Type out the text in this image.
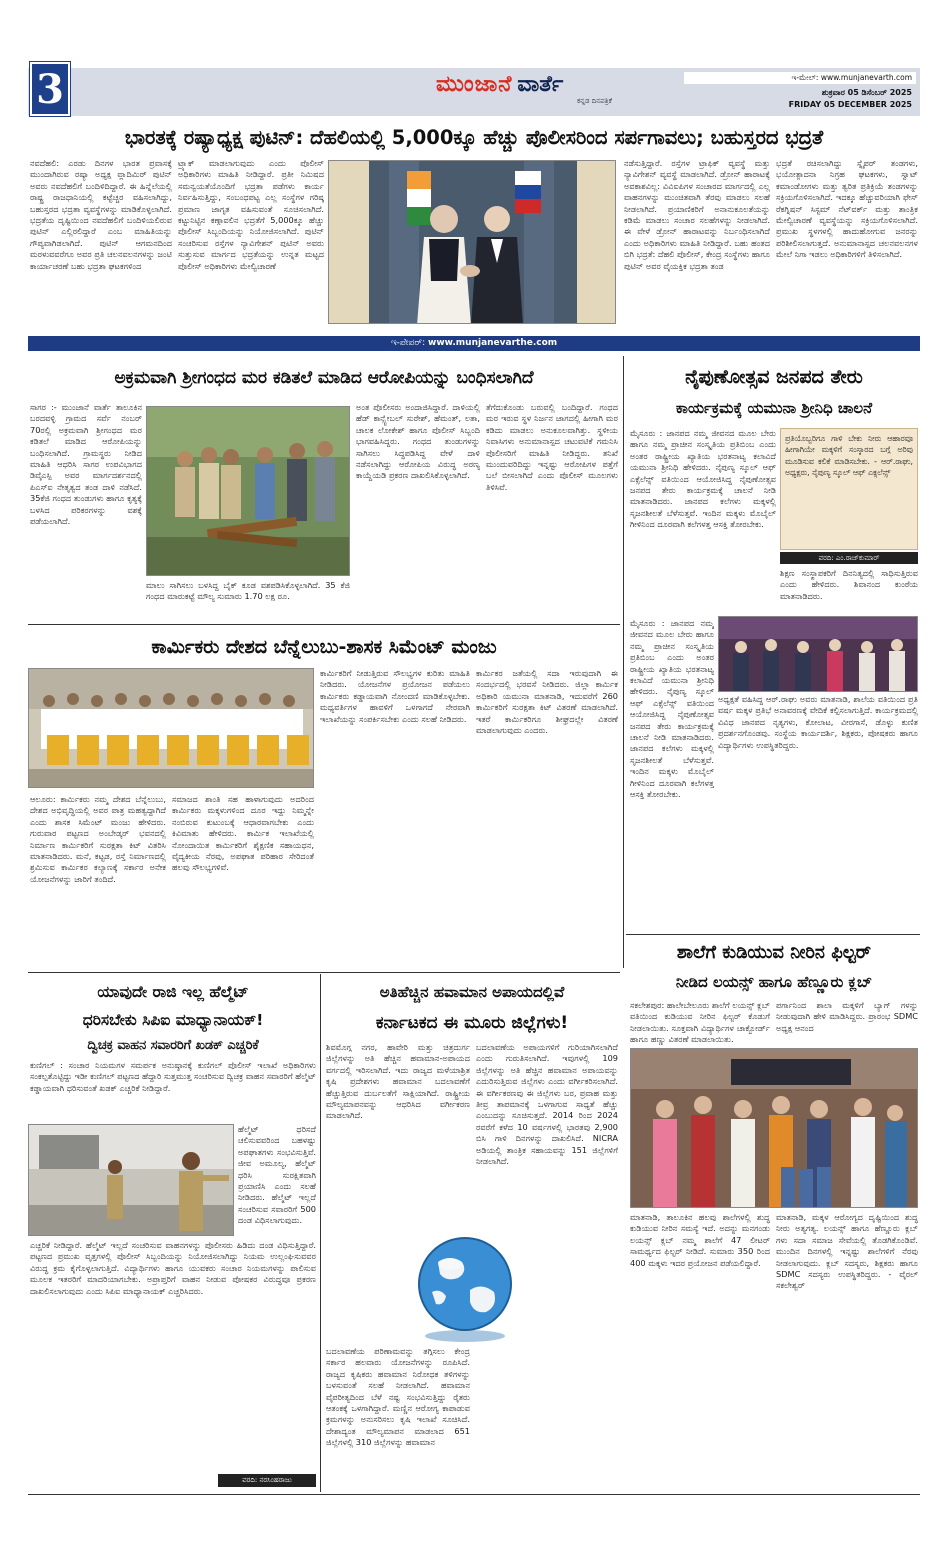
3	ಮುಂಜಾನೆ ವಾರ್ತೆ
ಕನ್ನಡ ದಿನಪತ್ರಿಕೆ
ಇ-ಮೇಲ್: www.munjanevarth.com
ಶುಕ್ರವಾರ 05 ಡಿಸೆಂಬರ್ 2025
FRIDAY 05 DECEMBER 2025
ಭಾರತಕ್ಕೆ ರಷ್ಯಾಧ್ಯಕ್ಷ ಪುಟಿನ್: ದೆಹಲಿಯಲ್ಲಿ 5,000ಕ್ಕೂ ಹೆಚ್ಚು ಪೊಲೀಸರಿಂದ ಸರ್ಪಗಾವಲು; ಬಹುಸ್ತರದ ಭದ್ರತೆ
ನವದೆಹಲಿ: ಎರಡು ದಿನಗಳ ಭಾರತ ಪ್ರವಾಸಕ್ಕೆ ಮುಂದಾಗಿರುವ ರಷ್ಯಾ ಅಧ್ಯಕ್ಷ ವ್ಲಾದಿಮಿರ್ ಪುಟಿನ್ ಅವರು ನವದೆಹಲಿಗೆ ಬಂದಿಳಿದಿದ್ದಾರೆ. ಈ ಹಿನ್ನೆಲೆಯಲ್ಲಿ ರಾಷ್ಟ್ರ ರಾಜಧಾನಿಯಲ್ಲಿ ಕಟ್ಟೆಚ್ಚರ ವಹಿಸಲಾಗಿದ್ದು, ಬಹುಸ್ತರದ ಭದ್ರತಾ ವ್ಯವಸ್ಥೆಗಳನ್ನು ಮಾಡಿಕೊಳ್ಳಲಾಗಿದೆ. ಭದ್ರತೆಯ ದೃಷ್ಟಿಯಿಂದ ನವದೆಹಲಿಗೆ ಬಂದಿಳಿಯಲಿರುವ ಪುಟಿನ್ ಎಲ್ಲಿರಲಿದ್ದಾರೆ ಎಂಬ ಮಾಹಿತಿಯನ್ನು ಗೌಪ್ಯವಾಗಿಡಲಾಗಿದೆ. ಪುಟಿನ್ ಆಗಮನದಿಂದ ಮರಳುವವರೆಗೂ ಅವರ ಪ್ರತಿ ಚಲನವಲನಗಳನ್ನು ಜಂಟಿ ಕಾರ್ಯಾಚರಣೆ ಬಹು ಭದ್ರತಾ ಘಟಕಗಳಿಂದ
ಟ್ರ್ಯಾಕ್ ಮಾಡಲಾಗುವುದು ಎಂದು ಪೊಲೀಸ್ ಅಧಿಕಾರಿಗಳು ಮಾಹಿತಿ ನೀಡಿದ್ದಾರೆ. ಪ್ರತೀ ನಿಮಿಷದ ಸಮನ್ವಯತೆಯೊಂದಿಗೆ ಭದ್ರತಾ ಪಡೆಗಳು ಕಾರ್ಯ ನಿರ್ವಹಿಸುತ್ತಿದ್ದು, ಸಂಬಂಧಪಟ್ಟ ಎಲ್ಲ ಸಂಸ್ಥೆಗಳ ಗರಿಷ್ಠ ಪ್ರಮಾಣ ಜಾಗೃತ ವಹಿಸುವಂತೆ ಸೂಚಿಸಲಾಗಿದೆ. ಕಟ್ಟುನಿಟ್ಟಿನ ಕಣ್ಗಾವಲಿನ ಭದ್ರತೆಗೆ 5,000ಕ್ಕೂ ಹೆಚ್ಚು ಪೊಲೀಸ್ ಸಿಬ್ಬಂದಿಯನ್ನು ನಿಯೋಜಿಸಲಾಗಿದೆ. ಪುಟಿನ್ ಸಂಚರಿಸುವ ರಸ್ತೆಗಳ ನ್ಯಾವಿಗೇಶನ್ ಪುಟಿನ್ ಅವರು ಸುತ್ತುಸುವ ಮಾರ್ಗದ ಭದ್ರತೆಯನ್ನು ಉನ್ನತ ಮಟ್ಟದ ಪೊಲೀಸ್ ಅಧಿಕಾರಿಗಳು ಮೇಲ್ವಿಚಾರಣೆ
ನಡೆಸುತ್ತಿದ್ದಾರೆ. ರಸ್ತೆಗಳ ಟ್ರಾಫಿಕ್ ವ್ಯವಸ್ಥೆ ಮತ್ತು ನ್ಯಾವಿಗೇಶನ್ ವ್ಯವಸ್ಥೆ ಮಾಡಲಾಗಿದೆ. ಡ್ರೋನ್ ಹಾರಾಟಕ್ಕೆ ಅವಕಾಶವಿಲ್ಲ: ವಿವಿಐಪಿಗಳ ಸಂಚಾರದ ಮಾರ್ಗದಲ್ಲಿ ಎಲ್ಲ ವಾಹನಗಳನ್ನು ಮುಂಚಿತವಾಗಿ ತೆರವು ಮಾಡಲು ಸಲಹೆ ನೀಡಲಾಗಿದೆ. ಪ್ರಯಾಣಿಕರಿಗೆ ಅನಾನುಕೂಲತೆಯನ್ನು ಕಡಿಮೆ ಮಾಡಲು ಸಂಚಾರ ಸಲಹೆಗಳನ್ನು ನೀಡಲಾಗಿದೆ. ಈ ವೇಳೆ ಡ್ರೋನ್ ಹಾರಾಟವನ್ನು ನಿರ್ಬಂಧಿಸಲಾಗಿದೆ ಎಂದು ಅಧಿಕಾರಿಗಳು ಮಾಹಿತಿ ನೀಡಿದ್ದಾರೆ. ಬಹು ಹಂತದ ಬಿಗಿ ಭದ್ರತೆ: ದೆಹಲಿ ಪೊಲೀಸ್, ಕೇಂದ್ರ ಸಂಸ್ಥೆಗಳು ಹಾಗೂ ಪುಟಿನ್ ಅವರ ವೈಯಕ್ತಿಕ ಭದ್ರತಾ ತಂಡ
ಭದ್ರತೆ ರಚಿಸಲಾಗಿದ್ದು ಸ್ನೈಪರ್ ತಂಡಗಳು, ಭಯೋತ್ಪಾದನಾ ನಿಗ್ರಹ ಘಟಕಗಳು, ಸ್ವಾಟ್ ಕಮಾಂಡೋಗಳು ಮತ್ತು ತ್ವರಿತ ಪ್ರತಿಕ್ರಿಯೆ ತಂಡಗಳನ್ನು ಸಕ್ರಿಯಗೊಳಿಸಲಾಗಿದೆ. ಇದಕ್ಕೂ ಹೆಚ್ಚುವರಿಯಾಗಿ ಫೇಸ್ ರೆಕಗ್ನಿಷನ್ ಸಿಸ್ಟಮ್ ನೆಟ್‌ವರ್ಕ್ ಮತ್ತು ತಾಂತ್ರಿಕ ಮೇಲ್ವಿಚಾರಣೆ ವ್ಯವಸ್ಥೆಯನ್ನು ಸಕ್ರಿಯಗೊಳಿಸಲಾಗಿದೆ. ಪ್ರಮುಖ ಸ್ಥಳಗಳಲ್ಲಿ ಹಾದುಹೋಗುವ ಜನರನ್ನು ಪರಿಶೀಲಿಸಲಾಗುತ್ತದೆ. ಅನುಮಾನಾಸ್ಪದ ಚಲನವಲನಗಳ ಮೇಲೆ ನಿಗಾ ಇಡಲು ಅಧಿಕಾರಿಗಳಿಗೆ ತಿಳಿಸಲಾಗಿದೆ.
ಇ-ಪೇಪರ್: www.munjanevarthe.com
ಅಕ್ರಮವಾಗಿ ಶ್ರೀಗಂಧದ ಮರ ಕಡಿತಲೆ ಮಾಡಿದ ಆರೋಪಿಯನ್ನು ಬಂಧಿಸಲಾಗಿದೆ
ಸಾಗರ :- ಮುಂಜಾನೆ ವಾರ್ತೆ ತಾಲೂಕಿನ ಬರದವಳ್ಳಿ ಗ್ರಾಮದ ಸರ್ವೆ ನಂಬರ್ 70ರಲ್ಲಿ ಅಕ್ರಮವಾಗಿ ಶ್ರೀಗಂಧದ ಮರ ಕಡಿತಲೆ ಮಾಡಿದ ಆರೋಪಿಯನ್ನು ಬಂಧಿಸಲಾಗಿದೆ. ಗ್ರಾಮಸ್ಥರು ನೀಡಿದ ಮಾಹಿತಿ ಆಧರಿಸಿ ಸಾಗರ ಉಪವಿಭಾಗದ ಡಿವೈಎಸ್ಪಿ ಅವರ ಮಾರ್ಗದರ್ಶನದಲ್ಲಿ ಪಿಎಸ್ಐ ನೇತೃತ್ವದ ತಂಡ ದಾಳಿ ನಡೆಸಿದೆ. 35ಕೆಜಿ ಗಂಧದ ತುಂಡುಗಳು ಹಾಗೂ ಕೃತ್ಯಕ್ಕೆ ಬಳಸಿದ ಪರಿಕರಗಳನ್ನು ವಶಕ್ಕೆ ಪಡೆಯಲಾಗಿದೆ.
ಮಾಲು ಸಾಗಿಸಲು ಬಳಸಿದ್ದ ಬೈಕ್ ಕೂಡ ವಶಪಡಿಸಿಕೊಳ್ಳಲಾಗಿದೆ. 35 ಕೆಜಿ ಗಂಧದ ಮಾರುಕಟ್ಟೆ ಮೌಲ್ಯ ಸುಮಾರು 1.70 ಲಕ್ಷ ರೂ.
ಅಂತ ಪೊಲೀಸರು ಅಂದಾಜಿಸಿದ್ದಾರೆ. ದಾಳಿಯಲ್ಲಿ ಹೆಡ್ ಕಾನ್ಸ್ಟೇಬಲ್ ಸುರೇಶ್, ಹೆಮಂತ್, ಲತಾ, ಚಾಲಕ ಲೋಕೇಶ್ ಹಾಗೂ ಪೊಲೀಸ್ ಸಿಬ್ಬಂದಿ ಭಾಗವಹಿಸಿದ್ದರು. ಗಂಧದ ತುಂಡುಗಳನ್ನು ಸಾಗಿಸಲು ಸಿದ್ಧಪಡಿಸಿದ್ದ ವೇಳೆ ದಾಳಿ ನಡೆಸಲಾಗಿದ್ದು ಆರೋಪಿಯ ವಿರುದ್ಧ ಅರಣ್ಯ ಕಾಯ್ದೆಯಡಿ ಪ್ರಕರಣ ದಾಖಲಿಸಿಕೊಳ್ಳಲಾಗಿದೆ.
ತೆಗೆದುಕೊಂಡು ಬರುವಲ್ಲಿ ಬಂದಿದ್ದಾರೆ. ಗಂಧದ ಮರ ಇರುವ ಸ್ಥಳ ನಿರ್ಜನ ಜಾಗದಲ್ಲಿ ಹೀಗಾಗಿ ಮರ ಕಡಿದು ಮಾಡಲು ಅನುಕೂಲವಾಗಿತ್ತು. ಸ್ಥಳೀಯ ನಿವಾಸಿಗಳು ಅನುಮಾನಾಸ್ಪದ ಚಟುವಟಿಕೆ ಗಮನಿಸಿ ಪೊಲೀಸರಿಗೆ ಮಾಹಿತಿ ನೀಡಿದ್ದರು. ತನಿಖೆ ಮುಂದುವರಿದಿದ್ದು ಇನ್ನಷ್ಟು ಆರೋಪಿಗಳ ಪತ್ತೆಗೆ ಬಲೆ ಬೀಸಲಾಗಿದೆ ಎಂದು ಪೊಲೀಸ್ ಮೂಲಗಳು ತಿಳಿಸಿವೆ.
ಕಾರ್ಮಿಕರು ದೇಶದ ಬೆನ್ನೆಲುಬು-ಶಾಸಕ ಸಿಮೆಂಟ್ ಮಂಜು
ಕಾರ್ಮಿಕರಿಗೆ ನೀಡುತ್ತಿರುವ ಸೌಲಭ್ಯಗಳ ಕುರಿತು ಮಾಹಿತಿ ನೀಡಿದರು. ಯೋಜನೆಗಳ ಪ್ರಯೋಜನ ಪಡೆಯಲು ಕಾರ್ಮಿಕರು ಕಡ್ಡಾಯವಾಗಿ ನೋಂದಣಿ ಮಾಡಿಕೊಳ್ಳಬೇಕು. ಮಧ್ಯವರ್ತಿಗಳ ಹಾವಳಿಗೆ ಒಳಗಾಗದೆ ನೇರವಾಗಿ ಇಲಾಖೆಯನ್ನು ಸಂಪರ್ಕಿಸಬೇಕು ಎಂದು ಸಲಹೆ ನೀಡಿದರು.
ಕಾರ್ಮಿಕರ ಜತೆಯಲ್ಲಿ ಸದಾ ಇರುವುದಾಗಿ ಈ ಸಂದರ್ಭದಲ್ಲಿ ಭರವಸೆ ನೀಡಿದರು. ಜಿಲ್ಲಾ ಕಾರ್ಮಿಕ ಅಧಿಕಾರಿ ಯಮುನಾ ಮಾತನಾಡಿ, ಇದುವರೆಗೆ 260 ಕಾರ್ಮಿಕರಿಗೆ ಸುರಕ್ಷತಾ ಕಿಟ್ ವಿತರಣೆ ಮಾಡಲಾಗಿದೆ. ಇತರೆ ಕಾರ್ಮಿಕರಿಗೂ ಶೀಘ್ರದಲ್ಲೇ ವಿತರಣೆ ಮಾಡಲಾಗುವುದು ಎಂದರು.
ಆಲೂರು: ಕಾರ್ಮಿಕರು ನಮ್ಮ ದೇಶದ ಬೆನ್ನೆಲುಬು, ದೇಶದ ಅಭಿವೃದ್ಧಿಯಲ್ಲಿ ಅವರ ಪಾತ್ರ ಮಹತ್ವದ್ದಾಗಿದೆ ಎಂದು ಶಾಸಕ ಸಿಮೆಂಟ್ ಮಂಜು ಹೇಳಿದರು. ಗುರುವಾರ ಪಟ್ಟಣದ ಅಂಬೇಡ್ಕರ್ ಭವನದಲ್ಲಿ ನಿರ್ಮಾಣ ಕಾರ್ಮಿಕರಿಗೆ ಸುರಕ್ಷತಾ ಕಿಟ್ ವಿತರಿಸಿ ಮಾತನಾಡಿದರು. ಮನೆ, ಕಟ್ಟಡ, ರಸ್ತೆ ನಿರ್ಮಾಣದಲ್ಲಿ ಶ್ರಮಿಸುವ ಕಾರ್ಮಿಕರ ಕಲ್ಯಾಣಕ್ಕೆ ಸರ್ಕಾರ ಅನೇಕ ಯೋಜನೆಗಳನ್ನು ಜಾರಿಗೆ ತಂದಿದೆ.
ಸಮಾಜದ ಶಾಂತಿ ಸಹ ಹಾಳಾಗುವುದು ಅದರಿಂದ ಕಾರ್ಮಿಕರು ಮಕ್ಕಳುಗಳಿಂದ ದೂರ ಇದ್ದು ನಿಮ್ಮನ್ನೇ ನಂಬಿರುವ ಕುಟುಂಬಕ್ಕೆ ಆಧಾರವಾಗಬೇಕು ಎಂದು ಕಿವಿಮಾತು ಹೇಳಿದರು. ಕಾರ್ಮಿಕ ಇಲಾಖೆಯಲ್ಲಿ ನೋಂದಾಯಿತ ಕಾರ್ಮಿಕರಿಗೆ ಶೈಕ್ಷಣಿಕ ಸಹಾಯಧನ, ವೈದ್ಯಕೀಯ ನೆರವು, ಅಪಘಾತ ಪರಿಹಾರ ಸೇರಿದಂತೆ ಹಲವು ಸೌಲಭ್ಯಗಳಿವೆ.
ನೈಪುಣೋತ್ಸವ ಜನಪದ ತೇರು
ಕಾರ್ಯಕ್ರಮಕ್ಕೆ ಯಮುನಾ ಶ್ರೀನಿಧಿ ಚಾಲನೆ
ಮೈಸೂರು : ಜಾನಪದ ನಮ್ಮ ಜೀವನದ ಮೂಲ ಬೇರು ಹಾಗೂ ನಮ್ಮ ಪ್ರಾಚೀನ ಸಂಸ್ಕೃತಿಯ ಪ್ರತಿಬಿಂಬ ಎಂದು ಅಂತರ ರಾಷ್ಟ್ರೀಯ ಖ್ಯಾತಿಯ ಭರತನಾಟ್ಯ ಕಲಾವಿದೆ ಯಮುನಾ ಶ್ರೀನಿಧಿ ಹೇಳಿದರು. ನೈಪುಣ್ಯ ಸ್ಕೂಲ್ ಆಫ್ ಎಕ್ಸೆಲೆನ್ಸ್ ವತಿಯಿಂದ ಆಯೋಜಿಸಿದ್ದ ನೈಪುಣೋತ್ಸವ ಜನಪದ ತೇರು ಕಾರ್ಯಕ್ರಮಕ್ಕೆ ಚಾಲನೆ ನೀಡಿ ಮಾತನಾಡಿದರು. ಜಾನಪದ ಕಲೆಗಳು ಮಕ್ಕಳಲ್ಲಿ ಸೃಜನಶೀಲತೆ ಬೆಳೆಸುತ್ತವೆ. ಇಂದಿನ ಮಕ್ಕಳು ಮೊಬೈಲ್ ಗೀಳಿನಿಂದ ದೂರವಾಗಿ ಕಲೆಗಳತ್ತ ಆಸಕ್ತಿ ತೋರಬೇಕು.
ಪ್ರತಿಯೊಬ್ಬರಿಗೂ ಗಾಳಿ ಬೇಕು ನೀರು ಆಹಾರವೂ ಹೀಗಾಗಿಯೇ ಮಕ್ಕಳಿಗೆ ಸಂಸ್ಕಾರದ ಬಗ್ಗೆ ಅರಿವು ಮೂಡಿಸುವ ಕಲಿಕೆ ಮಾಡಿಸಬೇಕು. - ಆರ್.ರಾಘು, ಅಧ್ಯಕ್ಷರು, ನೈಪುಣ್ಯ ಸ್ಕೂಲ್ ಆಫ್ ಎಕ್ಸಲೆನ್ಸ್
ವರದಿ: ಎಂ.ರಾಜ್‌ಕುಮಾರ್
ಶಿಕ್ಷಣ ಸಂಸ್ಥಾಪಕರಿಗೆ ದಿನನಿತ್ಯದಲ್ಲಿ ಸಾಧಿಸುತ್ತಿರುವ ಎಂದು ಹೇಳಿದರು. ಶಿವಾನಂದ ಕುಂಠೆಯ ಮಾತನಾಡಿದರು.
ಅಧ್ಯಕ್ಷತೆ ವಹಿಸಿದ್ದ ಆರ್.ರಾಘು ಅವರು ಮಾತನಾಡಿ, ಶಾಲೆಯ ವತಿಯಿಂದ ಪ್ರತಿ ವರ್ಷ ಮಕ್ಕಳ ಪ್ರತಿಭೆ ಅನಾವರಣಕ್ಕೆ ವೇದಿಕೆ ಕಲ್ಪಿಸಲಾಗುತ್ತಿದೆ. ಕಾರ್ಯಕ್ರಮದಲ್ಲಿ ವಿವಿಧ ಜಾನಪದ ನೃತ್ಯಗಳು, ಕೋಲಾಟ, ವೀರಗಾಸೆ, ಡೊಳ್ಳು ಕುಣಿತ ಪ್ರದರ್ಶನಗೊಂಡವು. ಸಂಸ್ಥೆಯ ಕಾರ್ಯದರ್ಶಿ, ಶಿಕ್ಷಕರು, ಪೋಷಕರು ಹಾಗೂ ವಿದ್ಯಾರ್ಥಿಗಳು ಉಪಸ್ಥಿತರಿದ್ದರು.
ಮೈಸೂರು : ಜಾನಪದ ನಮ್ಮ ಜೀವನದ ಮೂಲ ಬೇರು ಹಾಗೂ ನಮ್ಮ ಪ್ರಾಚೀನ ಸಂಸ್ಕೃತಿಯ ಪ್ರತಿಬಿಂಬ ಎಂದು ಅಂತರ ರಾಷ್ಟ್ರೀಯ ಖ್ಯಾತಿಯ ಭರತನಾಟ್ಯ ಕಲಾವಿದೆ ಯಮುನಾ ಶ್ರೀನಿಧಿ ಹೇಳಿದರು. ನೈಪುಣ್ಯ ಸ್ಕೂಲ್ ಆಫ್ ಎಕ್ಸೆಲೆನ್ಸ್ ವತಿಯಿಂದ ಆಯೋಜಿಸಿದ್ದ ನೈಪುಣೋತ್ಸವ ಜನಪದ ತೇರು ಕಾರ್ಯಕ್ರಮಕ್ಕೆ ಚಾಲನೆ ನೀಡಿ ಮಾತನಾಡಿದರು. ಜಾನಪದ ಕಲೆಗಳು ಮಕ್ಕಳಲ್ಲಿ ಸೃಜನಶೀಲತೆ ಬೆಳೆಸುತ್ತವೆ. ಇಂದಿನ ಮಕ್ಕಳು ಮೊಬೈಲ್ ಗೀಳಿನಿಂದ ದೂರವಾಗಿ ಕಲೆಗಳತ್ತ ಆಸಕ್ತಿ ತೋರಬೇಕು.
ಶಾಲೆಗೆ ಕುಡಿಯುವ ನೀರಿನ ಫಿಲ್ಟರ್
ನೀಡಿದ ಲಯನ್ಸ್ ಹಾಗೂ ಹೆಣ್ಣೂರು ಕ್ಲಬ್
ಸಕಲೇಶಪುರ: ಹಾಲೇಬೇಲೂರು ಶಾಲೆಗೆ ಲಯನ್ಸ್ ಕ್ಲಬ್ ವತಿಯಿಂದ ಕುಡಿಯುವ ನೀರಿನ ಫಿಲ್ಟರ್ ಕೊಡುಗೆ ನೀಡಲಾಯಿತು. ಸೂಕ್ತವಾಗಿ ವಿದ್ಯಾರ್ಥಿಗಳ ಚಾಕ್ಬೋರ್ಡ್ ಹಾಗೂ ಹಣ್ಣು ವಿತರಣೆ ಮಾಡಲಾಯಿತು.
ಪರ್ಗಾನಿಂದ ಶಾಲಾ ಮಕ್ಕಳಿಗೆ ಬ್ಯಾಗ್ ಗಳನ್ನು ನೀಡುವುದಾಗಿ ಹೇಳಿ ಮಾಡಿಸಿದ್ದರು. ಪ್ರಾರಂಭ SDMC ಅಧ್ಯಕ್ಷ ಆನಂದ
ಮಾತನಾಡಿ, ತಾಲೂಕಿನ ಹಲವು ಶಾಲೆಗಳಲ್ಲಿ ಶುದ್ಧ ಕುಡಿಯುವ ನೀರಿನ ಸಮಸ್ಯೆ ಇದೆ. ಅದನ್ನು ಮನಗಂಡು ಲಯನ್ಸ್ ಕ್ಲಬ್ ನಮ್ಮ ಶಾಲೆಗೆ 47 ಲೀಟರ್ ಸಾಮರ್ಥ್ಯದ ಫಿಲ್ಟರ್ ನೀಡಿದೆ. ಸುಮಾರು 350 ರಿಂದ 400 ಮಕ್ಕಳು ಇದರ ಪ್ರಯೋಜನ ಪಡೆಯಲಿದ್ದಾರೆ.
ಮಾತನಾಡಿ, ಮಕ್ಕಳ ಆರೋಗ್ಯದ ದೃಷ್ಟಿಯಿಂದ ಶುದ್ಧ ನೀರು ಅತ್ಯಗತ್ಯ. ಲಯನ್ಸ್ ಹಾಗೂ ಹೆಣ್ಣೂರು ಕ್ಲಬ್ ಗಳು ಸದಾ ಸಮಾಜ ಸೇವೆಯಲ್ಲಿ ತೊಡಗಿಕೊಂಡಿವೆ. ಮುಂದಿನ ದಿನಗಳಲ್ಲಿ ಇನ್ನಷ್ಟು ಶಾಲೆಗಳಿಗೆ ನೆರವು ನೀಡಲಾಗುವುದು. ಕ್ಲಬ್ ಸದಸ್ಯರು, ಶಿಕ್ಷಕರು ಹಾಗೂ SDMC ಸದಸ್ಯರು ಉಪಸ್ಥಿತರಿದ್ದರು. - ವೈರಲ್ ಸಕಲೇಶ್ವರ್
ಯಾವುದೇ ರಾಜಿ ಇಲ್ಲ ಹೆಲ್ಮೆಟ್
ಧರಿಸಬೇಕು ಸಿಪಿಐ ಮಾಧ್ಯಾನಾಯಕ್!
ದ್ವಿಚಕ್ರ ವಾಹನ ಸವಾರರಿಗೆ ಖಡಕ್ ಎಚ್ಚರಿಕೆ
ಕುಣಿಗಲ್ : ಸಂಚಾರ ನಿಯಮಗಳ ಸಮರ್ಪಕ ಅನುಷ್ಠಾನಕ್ಕೆ ಕುಣಿಗಲ್ ಪೊಲೀಸ್ ಇಲಾಖೆ ಅಧಿಕಾರಿಗಳು ಸಂಕಲ್ಪತೊಟ್ಟಿದ್ದು ಇಡೀ ಕುಣಿಗಲ್ ಪಟ್ಟಣದ ಹೆದ್ದಾರಿ ಸುತ್ತಮುತ್ತ ಸಂಚರಿಸುವ ದ್ವಿಚಕ್ರ ವಾಹನ ಸವಾರರಿಗೆ ಹೆಲ್ಮೆಟ್ ಕಡ್ಡಾಯವಾಗಿ ಧರಿಸುವಂತೆ ಖಡಕ್ ಎಚ್ಚರಿಕೆ ನೀಡಿದ್ದಾರೆ.
ಹೆಲ್ಮೆಟ್ ಧರಿಸದೆ ಚಲಿಸುವವರಿಂದ ಬಹಳಷ್ಟು ಅಪಘಾತಗಳು ಸಂಭವಿಸುತ್ತಿವೆ. ಜೀವ ಅಮೂಲ್ಯ, ಹೆಲ್ಮೆಟ್ ಧರಿಸಿ ಸುರಕ್ಷಿತವಾಗಿ ಪ್ರಯಾಣಿಸಿ ಎಂದು ಸಲಹೆ ನೀಡಿದರು. ಹೆಲ್ಮೆಟ್ ಇಲ್ಲದೆ ಸಂಚರಿಸುವ ಸವಾರರಿಗೆ 500 ದಂಡ ವಿಧಿಸಲಾಗುವುದು.
ಎಚ್ಚರಿಕೆ ನೀಡಿದ್ದಾರೆ. ಹೆಲ್ಮೆಟ್ ಇಲ್ಲದೆ ಸಂಚರಿಸುವ ವಾಹನಗಳನ್ನು ಪೊಲೀಸರು ಹಿಡಿದು ದಂಡ ವಿಧಿಸುತ್ತಿದ್ದಾರೆ. ಪಟ್ಟಣದ ಪ್ರಮುಖ ವೃತ್ತಗಳಲ್ಲಿ ಪೊಲೀಸ್ ಸಿಬ್ಬಂದಿಯನ್ನು ನಿಯೋಜಿಸಲಾಗಿದ್ದು ನಿಯಮ ಉಲ್ಲಂಘಿಸುವವರ ವಿರುದ್ಧ ಕ್ರಮ ಕೈಗೊಳ್ಳಲಾಗುತ್ತಿದೆ. ವಿದ್ಯಾರ್ಥಿಗಳು ಹಾಗೂ ಯುವಕರು ಸಂಚಾರ ನಿಯಮಗಳನ್ನು ಪಾಲಿಸುವ ಮೂಲಕ ಇತರರಿಗೆ ಮಾದರಿಯಾಗಬೇಕು. ಅಪ್ರಾಪ್ತರಿಗೆ ವಾಹನ ನೀಡುವ ಪೋಷಕರ ವಿರುದ್ಧವೂ ಪ್ರಕರಣ ದಾಖಲಿಸಲಾಗುವುದು ಎಂದು ಸಿಪಿಐ ಮಾಧ್ಯಾನಾಯಕ್ ಎಚ್ಚರಿಸಿದರು.
ವರದಿ: ನರಸಿಂಹರಾಜು
ಅತಿಹೆಚ್ಚಿನ ಹವಾಮಾನ ಅಪಾಯದಲ್ಲಿವೆ
ಕರ್ನಾಟಕದ ಈ ಮೂರು ಜಿಲ್ಲೆಗಳು!
ಶಿವಮೊಗ್ಗ ನಗರ, ಹಾವೇರಿ ಮತ್ತು ಚಿತ್ರದುರ್ಗ ಜಿಲ್ಲೆಗಳನ್ನು ಅತಿ ಹೆಚ್ಚಿನ ಹವಾಮಾನ-ಅಪಾಯದ ವರ್ಗದಲ್ಲಿ ಇರಿಸಲಾಗಿದೆ. ಇದು ರಾಜ್ಯದ ಮಳೆಯಾಶ್ರಿತ ಕೃಷಿ ಪ್ರದೇಶಗಳು ಹವಾಮಾನ ಬದಲಾವಣೆಗೆ ಹೆಚ್ಚುತ್ತಿರುವ ದುರ್ಬಲತೆಗೆ ಸಾಕ್ಷಿಯಾಗಿದೆ. ರಾಷ್ಟ್ರೀಯ ಮೌಲ್ಯಮಾಪನವನ್ನು ಆಧರಿಸಿದ ವರ್ಗೀಕರಣ ಮಾಡಲಾಗಿದೆ.
ಬದಲಾವಣೆಯ ಅಪಾಯಗಳಿಗೆ ಗುರಿಯಾಗಿಸಲಾಗಿದೆ ಎಂದು ಗುರುತಿಸಲಾಗಿದೆ. ಇವುಗಳಲ್ಲಿ 109 ಜಿಲ್ಲೆಗಳನ್ನು ಅತಿ ಹೆಚ್ಚಿನ ಹವಾಮಾನ ಅಪಾಯವನ್ನು ಎದುರಿಸುತ್ತಿರುವ ಜಿಲ್ಲೆಗಳು ಎಂದು ವರ್ಗೀಕರಿಸಲಾಗಿದೆ. ಈ ವರ್ಗೀಕರಣವು ಈ ಜಿಲ್ಲೆಗಳು ಬರ, ಪ್ರವಾಹ ಮತ್ತು ತೀವ್ರ ತಾಪಮಾನಕ್ಕೆ ಒಳಗಾಗುವ ಸಾಧ್ಯತೆ ಹೆಚ್ಚು ಎಂಬುದನ್ನು ಸೂಚಿಸುತ್ತದೆ. 2014 ರಿಂದ 2024 ರವರೆಗೆ ಕಳೆದ 10 ವರ್ಷಗಳಲ್ಲಿ ಭಾರತವು 2,900 ಬಿಸಿ ಗಾಳಿ ದಿನಗಳನ್ನು ದಾಖಲಿಸಿದೆ. NICRA ಅಡಿಯಲ್ಲಿ ತಾಂತ್ರಿಕ ಸಹಾಯವನ್ನು 151 ಜಿಲ್ಲೆಗಳಿಗೆ ನೀಡಲಾಗಿದೆ.
ಬದಲಾವಣೆಯ ಪರಿಣಾಮವನ್ನು ತಗ್ಗಿಸಲು ಕೇಂದ್ರ ಸರ್ಕಾರ ಹಲವಾರು ಯೋಜನೆಗಳನ್ನು ರೂಪಿಸಿದೆ. ರಾಜ್ಯದ ಕೃಷಿಕರು ಹವಾಮಾನ ನಿರೋಧಕ ತಳಿಗಳನ್ನು ಬಳಸುವಂತೆ ಸಲಹೆ ನೀಡಲಾಗಿದೆ. ಹವಾಮಾನ ವೈಪರೀತ್ಯದಿಂದ ಬೆಳೆ ನಷ್ಟ ಸಂಭವಿಸುತ್ತಿದ್ದು ರೈತರು ಆತಂಕಕ್ಕೆ ಒಳಗಾಗಿದ್ದಾರೆ. ಮಣ್ಣಿನ ಆರೋಗ್ಯ ಕಾಪಾಡುವ ಕ್ರಮಗಳನ್ನು ಅನುಸರಿಸಲು ಕೃಷಿ ಇಲಾಖೆ ಸೂಚಿಸಿದೆ. ದೇಶಾದ್ಯಂತ ಮೌಲ್ಯಮಾಪನ ಮಾಡಲಾದ 651 ಜಿಲ್ಲೆಗಳಲ್ಲಿ 310 ಜಿಲ್ಲೆಗಳನ್ನು ಹವಾಮಾನ
